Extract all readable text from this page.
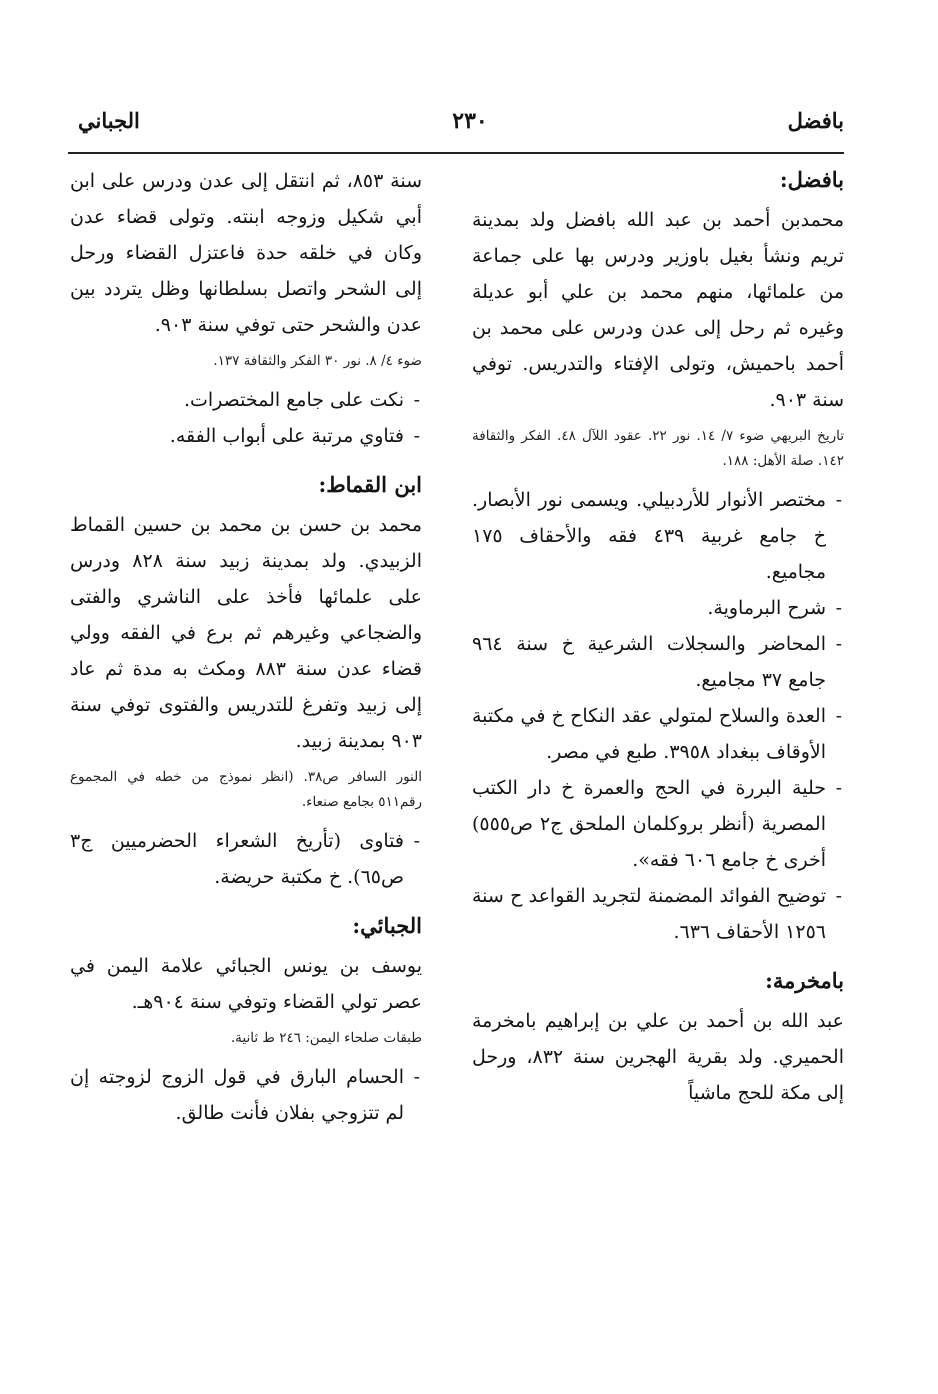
بافضل
٢٣٠
الجباني
بافضل:

محمدبن أحمد بن عبد الله بافضل ولد بمدينة تريم ونشأ بغيل باوزير ودرس بها على جماعة من علمائها، منهم محمد بن علي أبو عديلة وغيره ثم رحل إلى عدن ودرس على محمد بن أحمد باحميش، وتولى الإفتاء والتدريس. توفي سنة ٩٠٣.

تاريخ البريهي ضوء ٧/ ١٤. نور ٢٢. عقود اللآل ٤٨. الفكر والثقافة ١٤٢. صلة الأهل: ١٨٨.
- مختصر الأنوار للأردبيلي. ويسمى نور الأبصار. خ جامع غربية ٤٣٩ فقه والأحقاف ١٧٥ مجاميع.
- شرح البرماوية.
- المحاضر والسجلات الشرعية خ سنة ٩٦٤ جامع ٣٧ مجاميع.
- العدة والسلاح لمتولي عقد النكاح خ في مكتبة الأوقاف ببغداد ٣٩٥٨. طبع في مصر.
- حلية البررة في الحج والعمرة خ دار الكتب المصرية (أنظر بروكلمان الملحق ج٢ ص٥٥٥) أخرى خ جامع ٦٠٦ فقه».
- توضيح الفوائد المضمنة لتجريد القواعد ح سنة ١٢٥٦ الأحقاف ٦٣٦.
بامخرمة:

عبد الله بن أحمد بن علي بن إبراهيم بامخرمة الحميري. ولد بقرية الهجرين سنة ٨٣٢، ورحل إلى مكة للحج ماشياً

سنة ٨٥٣، ثم انتقل إلى عدن ودرس على ابن أبي شكيل وزوجه ابنته. وتولى قضاء عدن وكان في خلقه حدة فاعتزل القضاء ورحل إلى الشحر واتصل بسلطانها وظل يتردد بين عدن والشحر حتى توفي سنة ٩٠٣.

ضوء ٤/ ٨. نور ٣٠ الفكر والثقافة ١٣٧.
- نكت على جامع المختصرات.
- فتاوي مرتبة على أبواب الفقه.
ابن القماط:

محمد بن حسن بن محمد بن حسين القماط الزبيدي. ولد بمدينة زبيد سنة ٨٢٨ ودرس على علمائها فأخذ على الناشري والفتى والضجاعي وغيرهم ثم برع في الفقه وولي قضاء عدن سنة ٨٨٣ ومكث به مدة ثم عاد إلى زبيد وتفرغ للتدريس والفتوى توفي سنة ٩٠٣ بمدينة زبيد.

النور السافر ص٣٨. (انظر نموذج من خطه في المجموع رقم٥١١ بجامع صنعاء.
- فتاوى (تأريخ الشعراء الحضرميين ج٣ ص٦٥). خ مكتبة حريضة.
الجبائي:

يوسف بن يونس الجبائي علامة اليمن في عصر تولي القضاء وتوفي سنة ٩٠٤هـ.

طبقات صلحاء اليمن: ٢٤٦ ط ثانية.
- الحسام البارق في قول الزوج لزوجته إن لم تتزوجي بفلان فأنت طالق.
